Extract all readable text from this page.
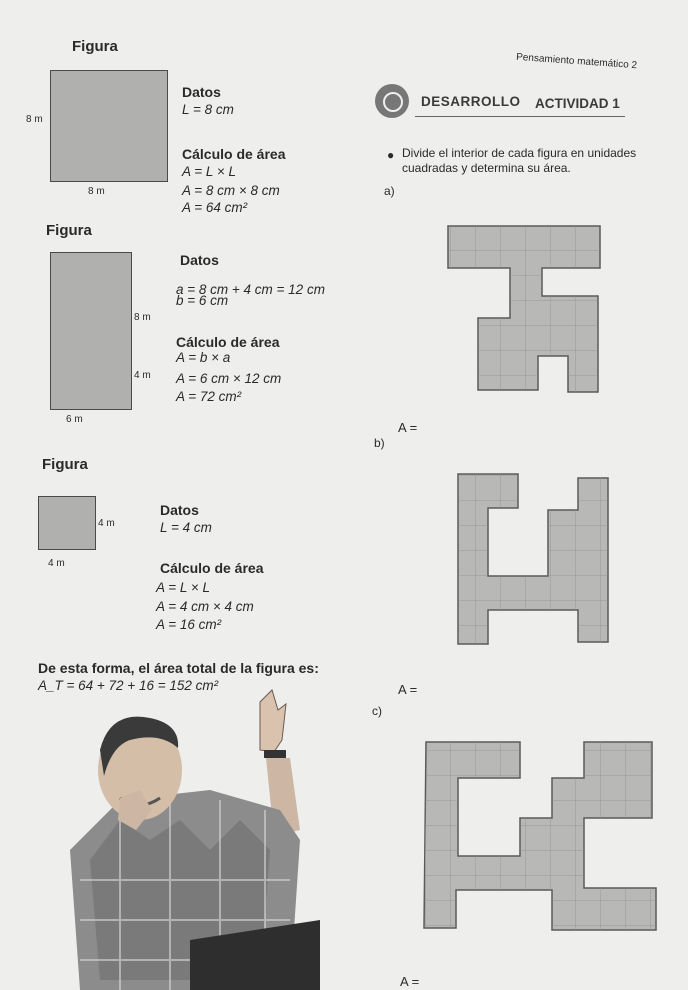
Pensamiento matemático 2
Figura
8 m
8 m
Datos
L = 8 cm
Cálculo de área
A = L × L
A = 8 cm × 8 cm
A = 64 cm²
Figura
8 m
4 m
6 m
Datos
a = 8 cm + 4 cm = 12 cm
b = 6 cm
Cálculo de área
A = b × a
A = 6 cm × 12 cm
A = 72 cm²
Figura
4 m
4 m
Datos
L = 4 cm
Cálculo de área
A = L × L
A = 4 cm × 4 cm
A = 16 cm²
De esta forma, el área total de la figura es:
A_T = 64 + 72 + 16 = 152 cm²
DESARROLLO ACTIVIDAD 1
● Divide el interior de cada figura en unidades cuadradas y determina su área.
a)
A =
b)
A =
c)
A =
